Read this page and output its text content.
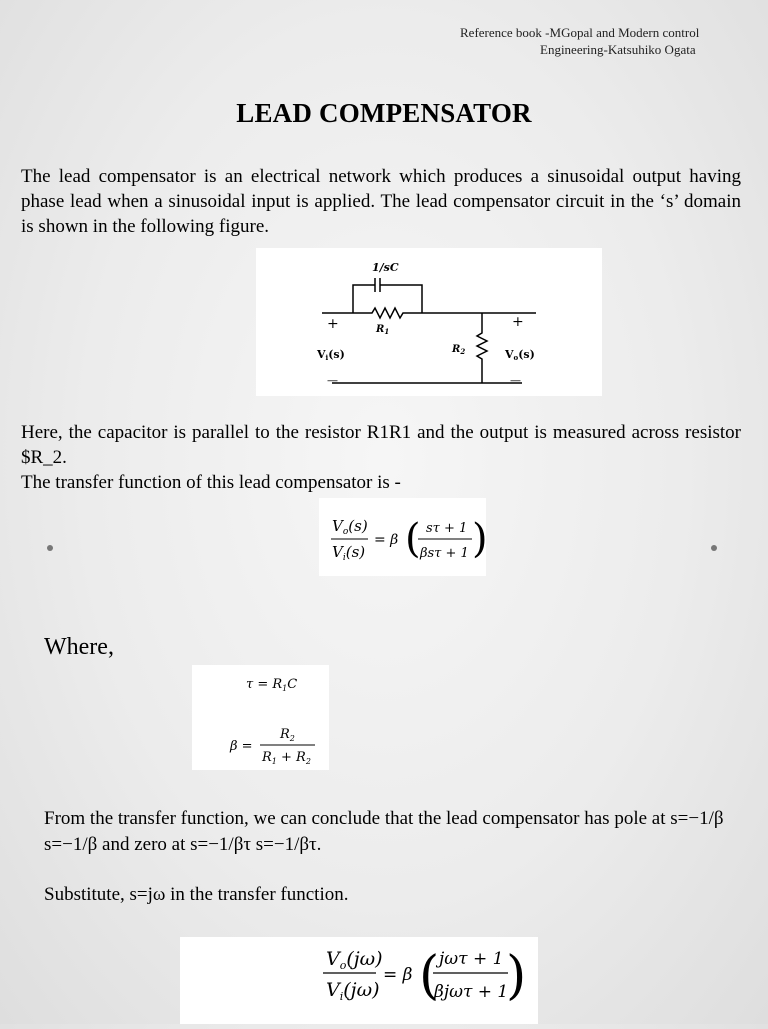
Reference book -MGopal and Modern control
Engineering-Katsuhiko Ogata
LEAD COMPENSATOR
The lead compensator is an electrical network which produces a sinusoidal output having phase lead when a sinusoidal input is applied. The lead compensator circuit in the ‘s’ domain is shown in the following figure.
1/sC
$R_1$
$R_2$
+	+
Vi(s)	Vo(s)
—	—
Here, the capacitor is parallel to the resistor R1R1 and the output is measured across resistor $R_2.
The transfer function of this lead compensator is -
$V_o(s)$
$V_i(s)$
= β ( sτ + 1
βsτ + 1 )
Where,
$\tau = R_1C$
β =
$R_2$
$R_1 + R_2$
From the transfer function, we can conclude that the lead compensator has pole at s=−1/β s=−1/β and zero at s=−1/βτ s=−1/βτ.
Substitute, s=jω in the transfer function.
$V_o(j\omega)$
$V_i(j\omega)$
= β ( jωτ + 1
βjωτ + 1
)
